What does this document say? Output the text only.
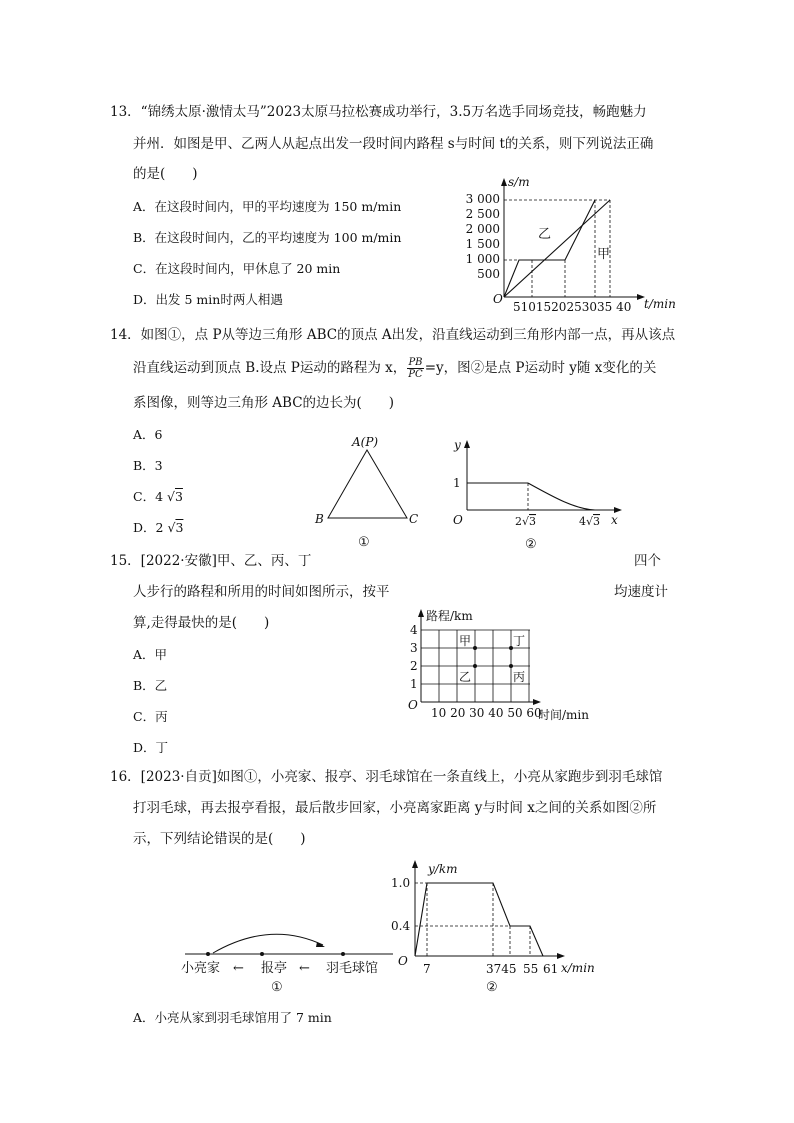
13．“锦绣太原·激情太马”2023太原马拉松赛成功举行，3.5万名选手同场竞技，畅跑魅力
并州．如图是甲、乙两人从起点出发一段时间内路程 s与时间 t的关系，则下列说法正确
的是(　　)
A．在这段时间内，甲的平均速度为 150 m/min
B．在这段时间内，乙的平均速度为 100 m/min
C．在这段时间内，甲休息了 20 min
D．出发 5 min时两人相遇
s/m
t/min
O
3 000
2 500
2 000
1 500
1 000
500
乙
甲
5101520253035 40
14．如图①，点 P从等边三角形 ABC的顶点 A出发，沿直线运动到三角形内部一点，再从该点
沿直线运动到顶点 B.设点 P运动的路程为 x， $\frac{PB}{PC} =y$，图②是点 P运动时 y随 x变化的关
系图像，则等边三角形 ABC的边长为(　　)
A．6
B．3
C．4 √3
D．2 √3
A(P)
B	C
①
y
x
O
1
2√3	4√3
②
15．[2022·安徽]甲、乙、丙、丁	四个
人步行的路程和所用的时间如图所示，按平	均速度计
算,走得最快的是(　　)
A．甲
B．乙
C．丙
D．丁
路程/km
4
3
2
1
O
10 20 30 40 50 60
时间/min
甲
乙
丁
丙
16．[2023·自贡]如图①，小亮家、报亭、羽毛球馆在一条直线上，小亮从家跑步到羽毛球馆
打羽毛球，再去报亭看报，最后散步回家，小亮离家距离 y与时间 x之间的关系如图②所
示，下列结论错误的是(　　)
小亮家 ← 报亭 ← 羽毛球馆
①
y/km
x/min
O
1.0
0.4
7	3745 55 61
②
A．小亮从家到羽毛球馆用了 7 min
